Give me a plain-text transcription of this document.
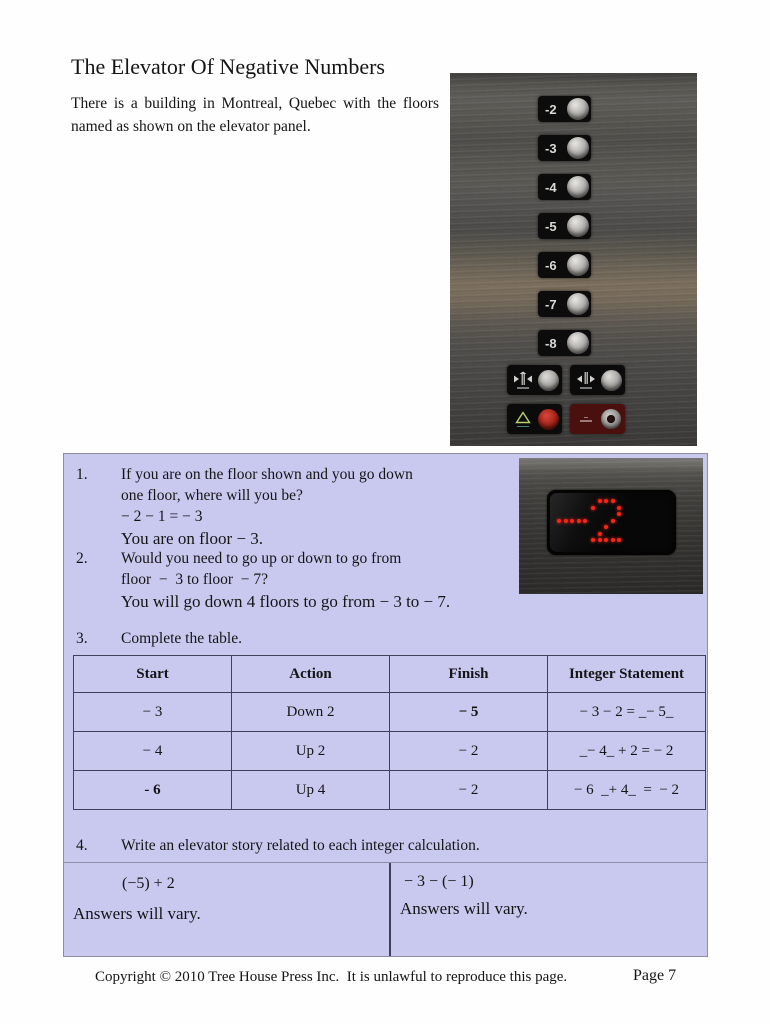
The Elevator Of Negative Numbers

There is a building in Montreal, Quebec with the floors named as shown on the elevator panel.

-2
-3
-4
-5
-6
-7
-8
1.	If you are on the floor shown and you go down
one floor, where will you be?
− 2 − 1 = − 3
You are on floor − 3.
2.	Would you need to go up or down to go from
floor  −  3 to floor  − 7?
You will go down 4 floors to go from − 3 to − 7.
3.	Complete the table.
Start	Action	Finish	Integer Statement
− 3	Down 2	− 5	− 3 − 2 = _− 5_
− 4	Up 2	− 2	_− 4_ + 2 = − 2
- 6	Up 4	− 2	− 6  _+ 4_  =  − 2
4.	Write an elevator story related to each integer calculation.
(−5) + 2
Answers will vary.
− 3 − (− 1)
Answers will vary.
Copyright © 2010 Tree House Press Inc.  It is unlawful to reproduce this page.	Page 7
